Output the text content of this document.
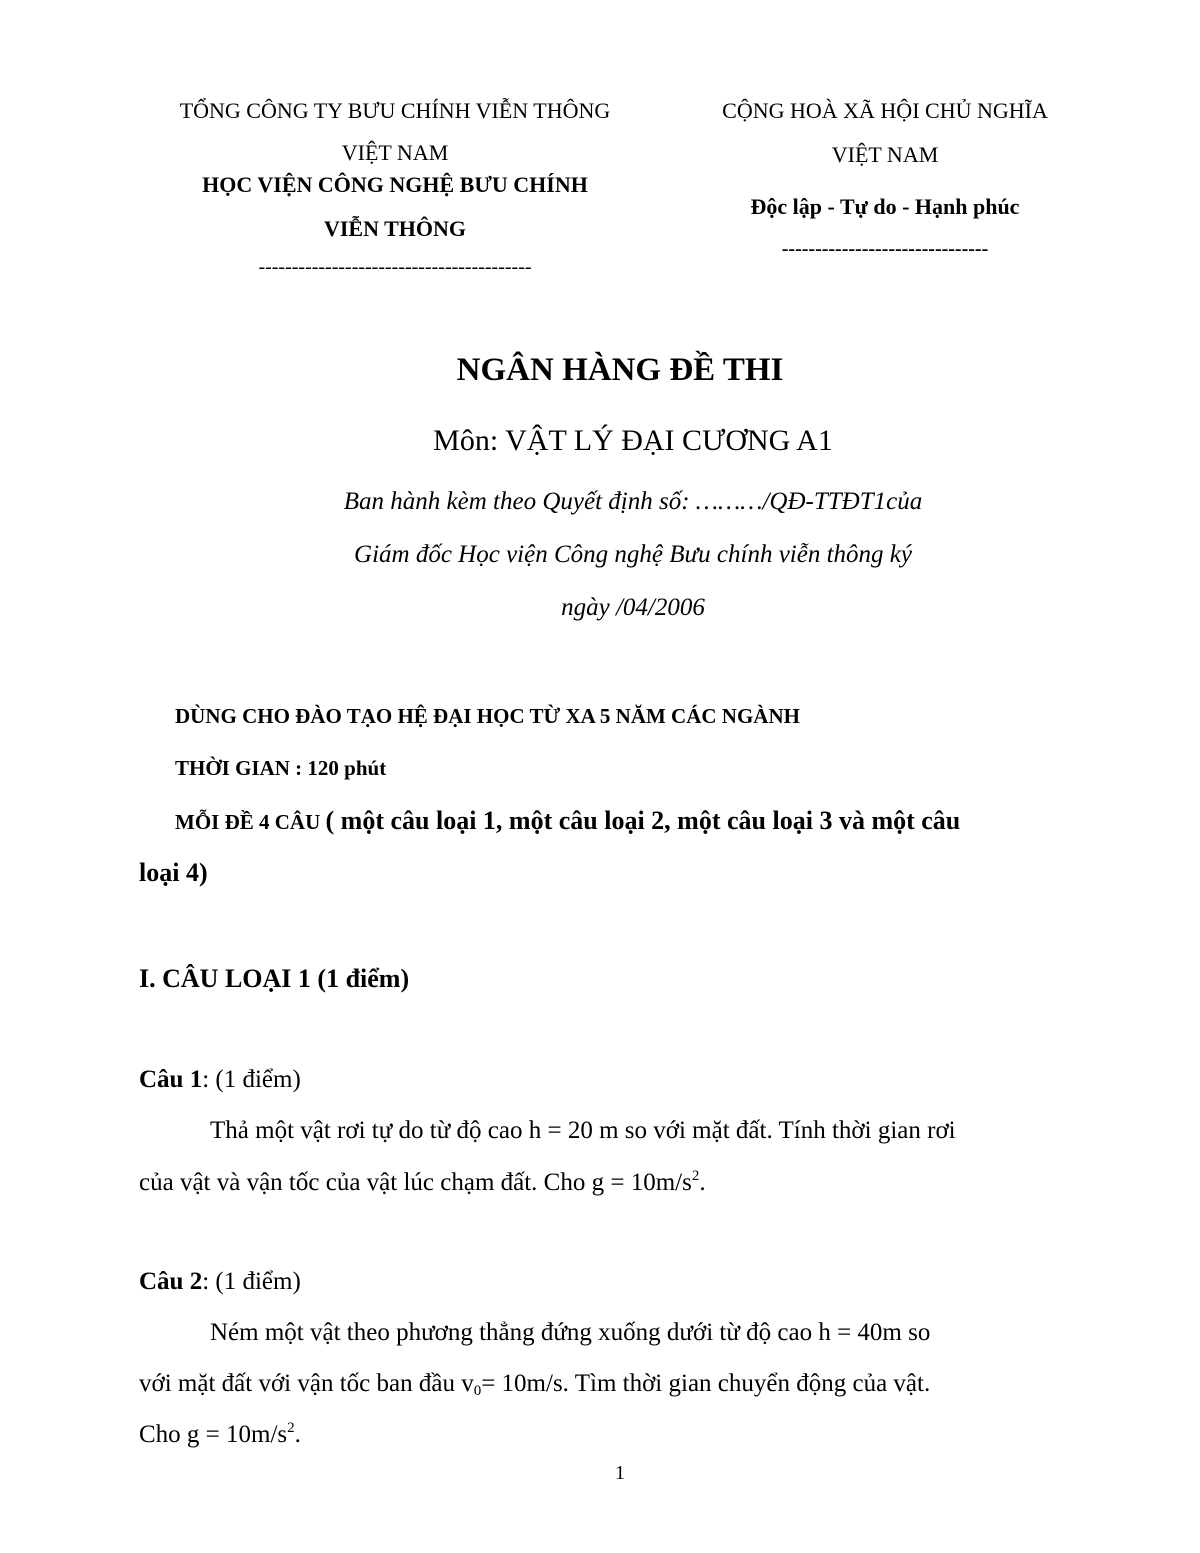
TỔNG CÔNG TY BƯU CHÍNH VIỄN THÔNG
VIỆT NAM
HỌC VIỆN CÔNG NGHỆ BƯU CHÍNH
VIỄN THÔNG
-----------------------------------------
CỘNG HOÀ XÃ HỘI CHỦ NGHĨA
VIỆT NAM
Độc lập - Tự do - Hạnh phúc
-------------------------------
NGÂN HÀNG ĐỀ THI
Môn: VẬT LÝ ĐẠI CƯƠNG A1
Ban hành kèm theo Quyết định số: ………/QĐ-TTĐT1của
Giám đốc Học viện Công nghệ Bưu chính viễn thông ký
ngày /04/2006
DÙNG CHO ĐÀO TẠO HỆ ĐẠI HỌC TỪ XA 5 NĂM CÁC NGÀNH
THỜI GIAN : 120 phút
MỖI ĐỀ 4 CÂU ( một câu loại 1, một câu loại 2, một câu loại 3 và một câu
loại 4)
I. CÂU LOẠI 1 (1 điểm)
Câu 1: (1 điểm)
Thả một vật rơi tự do từ độ cao h = 20 m so với mặt đất. Tính thời gian rơi
của vật và vận tốc của vật lúc chạm đất. Cho $g = 10m/s^2$.
Câu 2: (1 điểm)
Ném một vật theo phương thẳng đứng xuống dưới từ độ cao h = 40m so
với mặt đất với vận tốc ban đầu $v_0= 10m/s$. Tìm thời gian chuyển động của vật.
Cho $g = 10m/s^2$.
1
